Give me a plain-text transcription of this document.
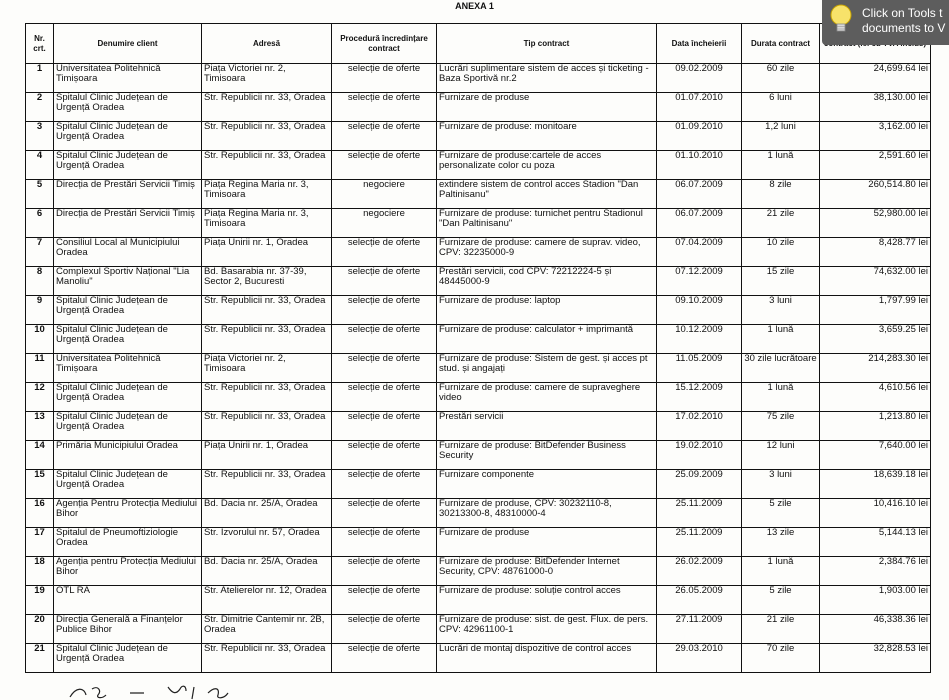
ANEXA 1
Nr. crt.	Denumire client	Adresă	Procedură încredințare contract	Tip contract	Data încheierii	Durata contract	
1	Universitatea Politehnică Timișoara	Piața Victoriei nr. 2, Timisoara	selecție de oferte	Lucrări suplimentare sistem de acces și ticketing - Baza Sportivă nr.2	09.02.2009	60 zile	24,699.64 lei
2	Spitalul Clinic Județean de Urgență Oradea	Str. Republicii nr. 33, Oradea	selecție de oferte	Furnizare de produse	01.07.2010	6 luni	38,130.00 lei
3	Spitalul Clinic Județean de Urgență Oradea	Str. Republicii nr. 33, Oradea	selecție de oferte	Furnizare de produse: monitoare	01.09.2010	1,2 luni	3,162.00 lei
4	Spitalul Clinic Județean de Urgență Oradea	Str. Republicii nr. 33, Oradea	selecție de oferte	Furnizare de produse:cartele de acces personalizate color cu poza	01.10.2010	1 lună	2,591.60 lei
5	Direcția de Prestări Servicii Timiș	Piața Regina Maria nr. 3, Timisoara	negociere	extindere sistem de control acces Stadion "Dan Paltinisanu"	06.07.2009	8 zile	260,514.80 lei
6	Direcția de Prestări Servicii Timiș	Piața Regina Maria nr. 3, Timisoara	negociere	Furnizare de produse: turnichet pentru Stadionul "Dan Paltinisanu"	06.07.2009	21 zile	52,980.00 lei
7	Consiliul Local al Municipiului Oradea	Piața Unirii nr. 1, Oradea	selecție de oferte	Furnizare de produse: camere de suprav. video, CPV: 32235000-9	07.04.2009	10 zile	8,428.77 lei
8	Complexul Sportiv Național "Lia Manoliu"	Bd. Basarabia nr. 37-39, Sector 2, Bucuresti	selecție de oferte	Prestări servicii, cod CPV: 72212224-5 și 48445000-9	07.12.2009	15 zile	74,632.00 lei
9	Spitalul Clinic Județean de Urgență Oradea	Str. Republicii nr. 33, Oradea	selecție de oferte	Furnizare de produse: laptop	09.10.2009	3 luni	1,797.99 lei
10	Spitalul Clinic Județean de Urgență Oradea	Str. Republicii nr. 33, Oradea	selecție de oferte	Furnizare de produse: calculator + imprimantă	10.12.2009	1 lună	3,659.25 lei
11	Universitatea Politehnică Timișoara	Piața Victoriei nr. 2, Timisoara	selecție de oferte	Furnizare de produse: Sistem de gest. și acces pt stud. și angajați	11.05.2009	30 zile lucrătoare	214,283.30 lei
12	Spitalul Clinic Județean de Urgență Oradea	Str. Republicii nr. 33, Oradea	selecție de oferte	Furnizare de produse: camere de supraveghere video	15.12.2009	1 lună	4,610.56 lei
13	Spitalul Clinic Județean de Urgență Oradea	Str. Republicii nr. 33, Oradea	selecție de oferte	Prestări servicii	17.02.2010	75 zile	1,213.80 lei
14	Primăria Municipiului Oradea	Piața Unirii nr. 1, Oradea	selecție de oferte	Furnizare de produse: BitDefender Business Security	19.02.2010	12 luni	7,640.00 lei
15	Spitalul Clinic Județean de Urgență Oradea	Str. Republicii nr. 33, Oradea	selecție de oferte	Furnizare componente	25.09.2009	3 luni	18,639.18 lei
16	Agenția Pentru Protecția Mediului Bihor	Bd. Dacia nr. 25/A, Oradea	selecție de oferte	Furnizare de produse, CPV: 30232110-8, 30213300-8, 48310000-4	25.11.2009	5 zile	10,416.10 lei
17	Spitalul de Pneumoftiziologie Oradea	Str. Izvorului nr. 57, Oradea	selecție de oferte	Furnizare de produse	25.11.2009	13 zile	5,144.13 lei
18	Agenția pentru Protecția Mediului Bihor	Bd. Dacia nr. 25/A, Oradea	selecție de oferte	Furnizare de produse: BitDefender Internet Security, CPV: 48761000-0	26.02.2009	1 lună	2,384.76 lei
19	OTL RA	Str. Atelierelor nr. 12, Oradea	selecție de oferte	Furnizare de produse: soluție control acces	26.05.2009	5 zile	1,903.00 lei
20	Direcția Generală a Finanțelor Publice Bihor	Str. Dimitrie Cantemir nr. 2B, Oradea	selecție de oferte	Furnizare de produse: sist. de gest. Flux. de pers. CPV: 42961100-1	27.11.2009	21 zile	46,338.36 lei
21	Spitalul Clinic Județean de Urgență Oradea	Str. Republicii nr. 33, Oradea	selecție de oferte	Lucrări de montaj dispozitive de control acces	29.03.2010	70 zile	32,828.53 lei
Click on Tools t
documents to V
